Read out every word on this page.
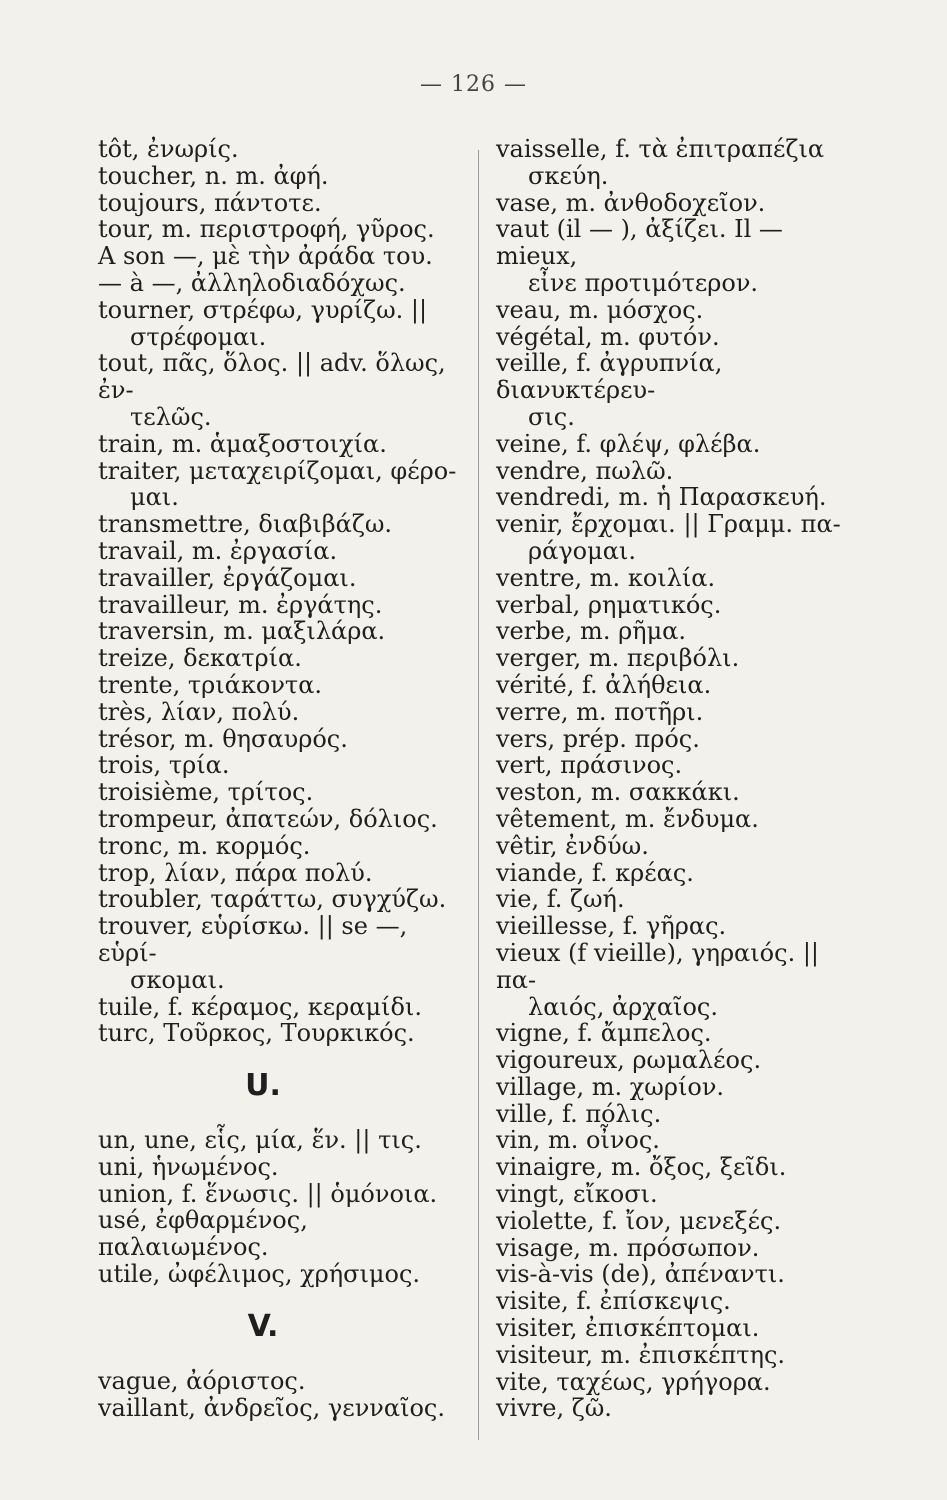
— 126 —
tôt, ἐνωρίς.
toucher, n. m. ἀφή.
toujours, πάντοτε.
tour, m. περιστροφή, γῦρος.
A son —, μὲ τὴν ἀράδα του.
— à —, ἀλληλοδιαδόχως.
tourner, στρέφω, γυρίζω. ||
στρέφομαι.
tout, πᾶς, ὅλος. || adv. ὅλως, ἐν-
τελῶς.
train, m. ἁμαξοστοιχία.
traiter, μεταχειρίζομαι, φέρο-
μαι.
transmettre, διαβιβάζω.
travail, m. ἐργασία.
travailler, ἐργάζομαι.
travailleur, m. ἐργάτης.
traversin, m. μαξιλάρα.
treize, δεκατρία.
trente, τριάκοντα.
très, λίαν, πολύ.
trésor, m. θησαυρός.
trois, τρία.
troisième, τρίτος.
trompeur, ἀπατεών, δόλιος.
tronc, m. κορμός.
trop, λίαν, πάρα πολύ.
troubler, ταράττω, συγχύζω.
trouver, εὑρίσκω. || se —, εὑρί-
σκομαι.
tuile, f. κέραμος, κεραμίδι.
turc, Τοῦρκος, Τουρκικός.
U.
un, une, εἷς, μία, ἕν. || τις.
uni, ἡνωμένος.
union, f. ἕνωσις. || ὁμόνοια.
usé, ἐφθαρμένος, παλαιωμένος.
utile, ὠφέλιμος, χρήσιμος.
V.
vague, ἀόριστος.
vaillant, ἀνδρεῖος, γενναῖος.
vaisselle, f. τὰ ἐπιτραπέζια
σκεύη.
vase, m. ἀνθοδοχεῖον.
vaut (il — ), ἀξίζει. Il — mieux,
εἶνε προτιμότερον.
veau, m. μόσχος.
végétal, m. φυτόν.
veille, f. ἀγρυπνία, διανυκτέρευ-
σις.
veine, f. φλέψ, φλέβα.
vendre, πωλῶ.
vendredi, m. ἡ Παρασκευή.
venir, ἔρχομαι. || Γραμμ. πα-
ράγομαι.
ventre, m. κοιλία.
verbal, ρηματικός.
verbe, m. ρῆμα.
verger, m. περιβόλι.
vérité, f. ἀλήθεια.
verre, m. ποτῆρι.
vers, prép. πρός.
vert, πράσινος.
veston, m. σακκάκι.
vêtement, m. ἔνδυμα.
vêtir, ἐνδύω.
viande, f. κρέας.
vie, f. ζωή.
vieillesse, f. γῆρας.
vieux (f vieille), γηραιός. || πα-
λαιός, ἀρχαῖος.
vigne, f. ἄμπελος.
vigoureux, ρωμαλέος.
village, m. χωρίον.
ville, f. πόλις.
vin, m. οἶνος.
vinaigre, m. ὄξος, ξεῖδι.
vingt, εἴκοσι.
violette, f. ἴον, μενεξές.
visage, m. πρόσωπον.
vis-à-vis (de), ἀπέναντι.
visite, f. ἐπίσκεψις.
visiter, ἐπισκέπτομαι.
visiteur, m. ἐπισκέπτης.
vite, ταχέως, γρήγορα.
vivre, ζῶ.
